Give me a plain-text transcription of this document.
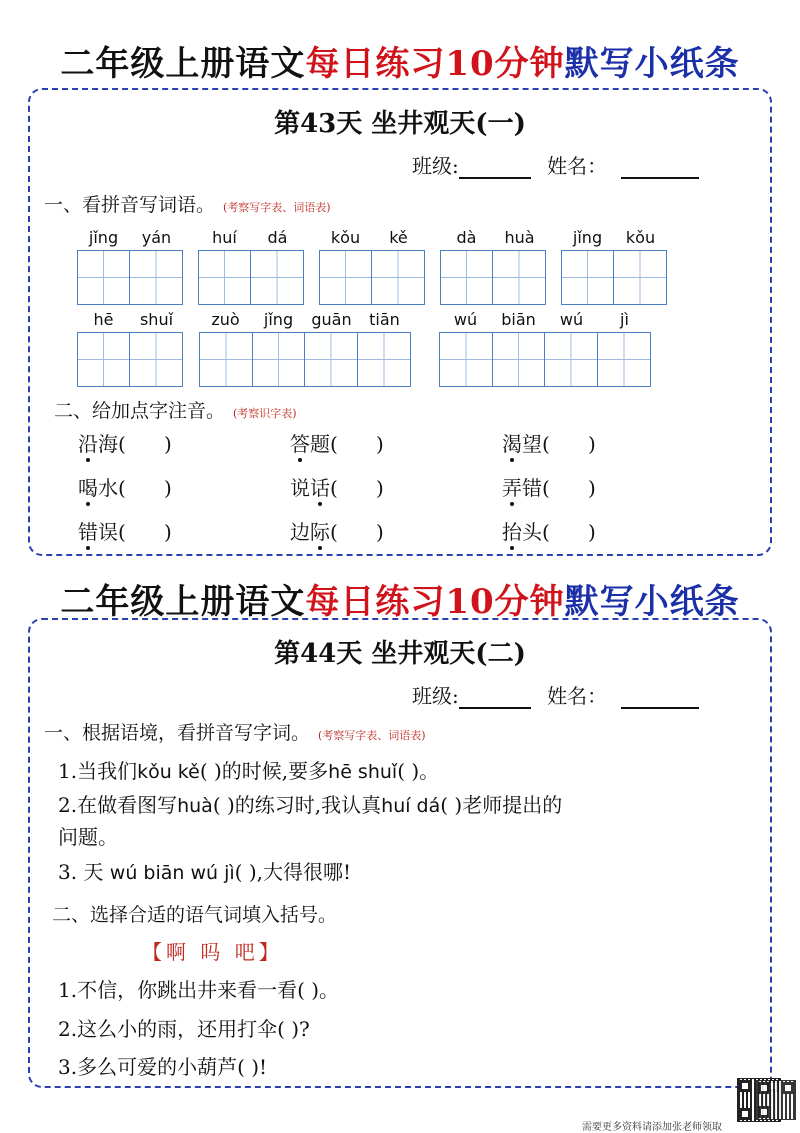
二年级上册语文每日练习10分钟默写小纸条
第43天 坐井观天(一)
班级:	姓名：
一、看拼音写词语。 (考察写字表、词语表)
jǐng	yán	huí	dá	kǒu	kě	dà	huà	jǐng	kǒu
hē	shuǐ	zuò	jǐng	guān	tiān	wú	biān	wú	jì
二、给加点字注音。 (考察识字表)
沿海(      )	答题(      )	渴望(      )
喝水(      )	说话(      )	弄错(      )
错误(      )	边际(      )	抬头(      )
二年级上册语文每日练习10分钟默写小纸条
第44天 坐井观天(二)
班级:	姓名：
一、根据语境，看拼音写字词。 (考察写字表、词语表)
1.当我们kǒu kě( )的时候,要多hē shuǐ( )。
2.在做看图写huà( )的练习时,我认真huí dá( )老师提出的
问题。
3. 天 wú biān wú jì( ),大得很哪!
二、选择合适的语气词填入括号。
【啊 吗 吧】
1.不信，你跳出井来看一看( )。
2.这么小的雨，还用打伞( )?
3.多么可爱的小葫芦( )!
需要更多资料请添加张老师领取
